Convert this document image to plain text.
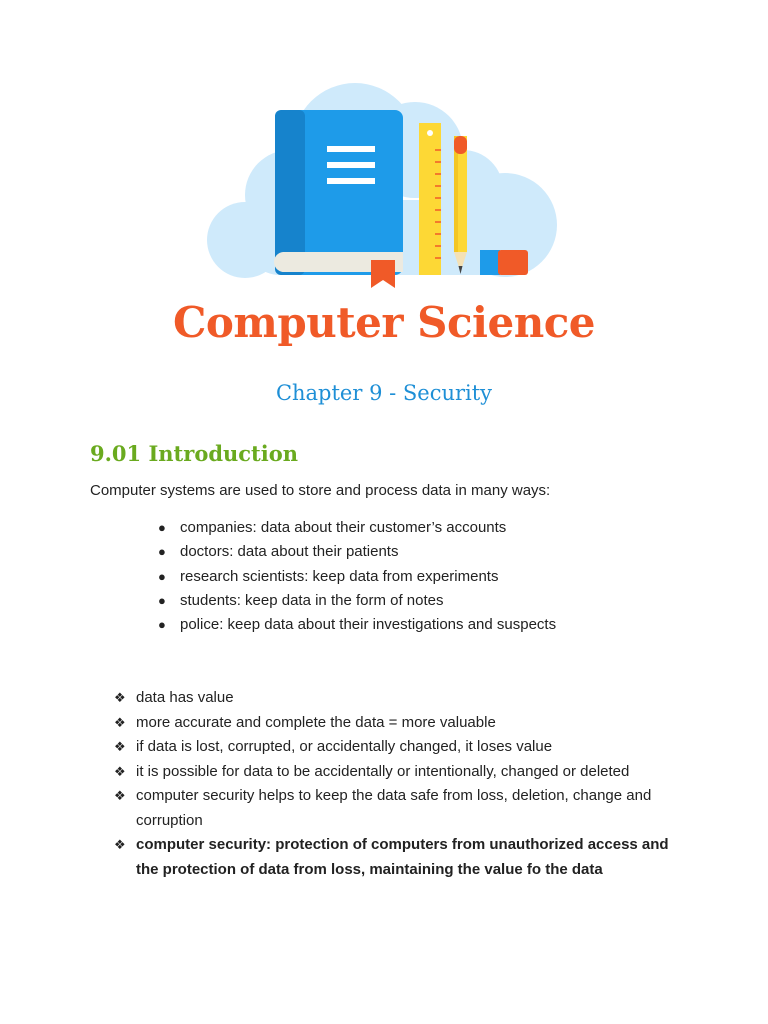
Computer Science
Chapter 9 - Security
9.01 Introduction

Computer systems are used to store and process data in many ways:

● companies: data about their customer’s accounts
● doctors: data about their patients
● research scientists: keep data from experiments
● students: keep data in the form of notes
● police: keep data about their investigations and suspects
❖ data has value
❖ more accurate and complete the data = more valuable
❖ if data is lost, corrupted, or accidentally changed, it loses value
❖ it is possible for data to be accidentally or intentionally, changed or deleted
❖ computer security helps to keep the data safe from loss, deletion, change and corruption
❖ computer security: protection of computers from unauthorized access and the protection of data from loss, maintaining the value fo the data
